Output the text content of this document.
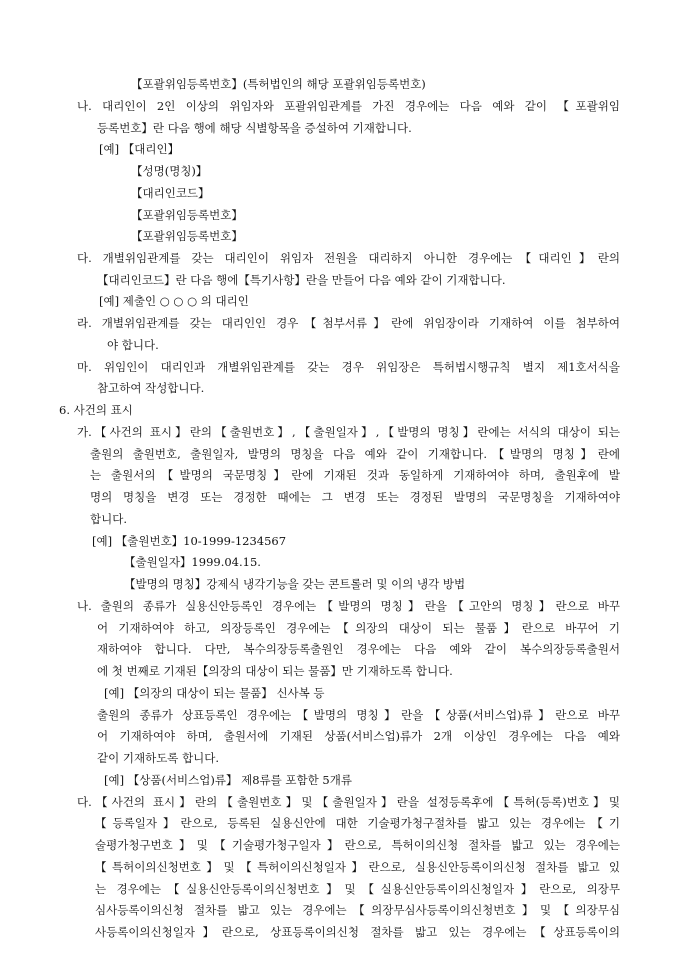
【포괄위임등록번호】(특허법인의 해당 포괄위임등록번호)

나. 대리인이 2인 이상의 위임자와 포괄위임관계를 가진 경우에는 다음 예와 같이 【포괄위임

등록번호】란 다음 행에 해당 식별항목을 증설하여 기재합니다.

[예] 【대리인】

【성명(명칭)】

【대리인코드】

【포괄위임등록번호】

【포괄위임등록번호】

다. 개별위임관계를 갖는 대리인이 위임자 전원을 대리하지 아니한 경우에는【대리인】란의

【대리인코드】란 다음 행에【특기사항】란을 만들어 다음 예와 같이 기재합니다.

[예] 제출인 ○ ○ ○ 의 대리인

라. 개별위임관계를 갖는 대리인인 경우【첨부서류】란에 위임장이라 기재하여 이를 첨부하여

야 합니다.

마. 위임인이 대리인과 개별위임관계를 갖는 경우 위임장은 특허법시행규칙 별지 제1호서식을

참고하여 작성합니다.

6. 사건의 표시

가.【사건의 표시】란의【출원번호】,【출원일자】,【발명의 명칭】란에는 서식의 대상이 되는

출원의 출원번호, 출원일자, 발명의 명칭을 다음 예와 같이 기재합니다.【발명의 명칭】란에

는 출원서의【발명의 국문명칭】란에 기재된 것과 동일하게 기재하여야 하며, 출원후에 발

명의 명칭을 변경 또는 경정한 때에는 그 변경 또는 경정된 발명의 국문명칭을 기재하여야

합니다.

[예] 【출원번호】10-1999-1234567

【출원일자】1999.04.15.

【발명의 명칭】강제식 냉각기능을 갖는 콘트롤러 및 이의 냉각 방법

나. 출원의 종류가 실용신안등록인 경우에는【발명의 명칭】란을【고안의 명칭】란으로 바꾸

어 기재하여야 하고, 의장등록인 경우에는【의장의 대상이 되는 물품】란으로 바꾸어 기

재하여야 합니다. 다만, 복수의장등록출원인 경우에는 다음 예와 같이 복수의장등록출원서

에 첫 번째로 기재된【의장의 대상이 되는 물품】만 기재하도록 합니다.

[예] 【의장의 대상이 되는 물품】 신사복 등

출원의 종류가 상표등록인 경우에는【발명의 명칭】란을【상품(서비스업)류】란으로 바꾸

어 기재하여야 하며, 출원서에 기재된 상품(서비스업)류가 2개 이상인 경우에는 다음 예와

같이 기재하도록 합니다.

[예] 【상품(서비스업)류】 제8류를 포함한 5개류

다.【사건의 표시】란의【출원번호】및【출원일자】란을 설정등록후에【특허(등록)번호】및

【등록일자】란으로, 등록된 실용신안에 대한 기술평가청구절차를 밟고 있는 경우에는【기

술평가청구번호】및【기술평가청구일자】란으로, 특허이의신청 절차를 밟고 있는 경우에는

【특허이의신청번호】및【특허이의신청일자】란으로, 실용신안등록이의신청 절차를 밟고 있

는 경우에는【실용신안등록이의신청번호】및【실용신안등록이의신청일자】란으로, 의장무

심사등록이의신청 절차를 밟고 있는 경우에는【의장무심사등록이의신청번호】및【의장무심

사등록이의신청일자】란으로, 상표등록이의신청 절차를 밟고 있는 경우에는【상표등록이의
